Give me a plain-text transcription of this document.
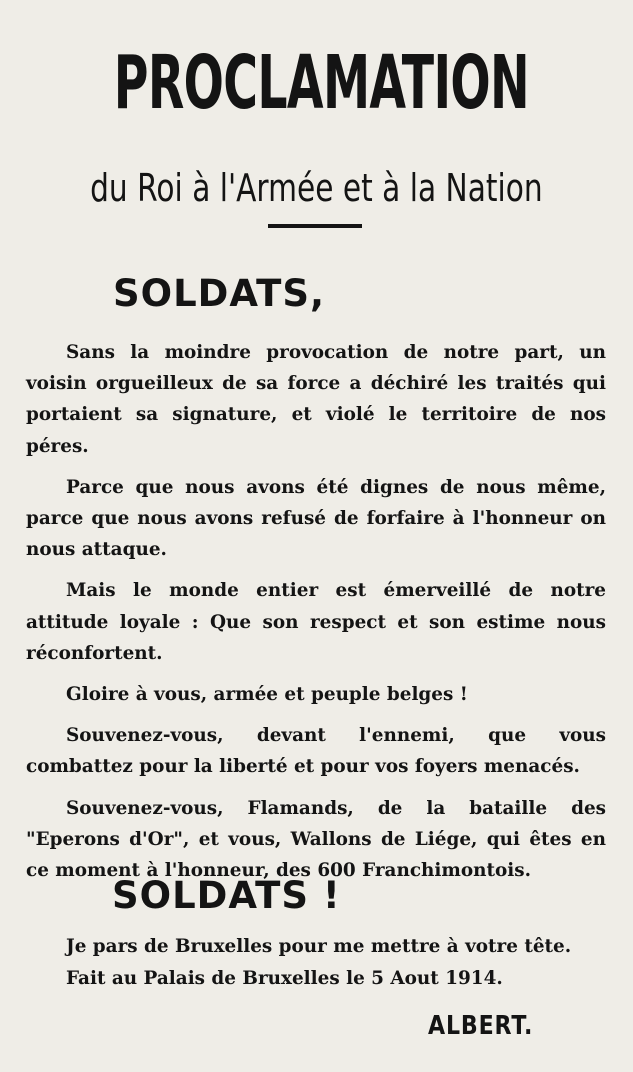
PROCLAMATION
du Roi à l'Armée et à la Nation
SOLDATS,

Sans la moindre provocation de notre part, un voisin orgueilleux de sa force a déchiré les traités qui portaient sa signature, et violé le territoire de nos péres.

Parce que nous avons été dignes de nous même, parce que nous avons refusé de forfaire à l'honneur on nous attaque.

Mais le monde entier est émerveillé de notre attitude loyale : Que son respect et son estime nous réconfortent.

Gloire à vous, armée et peuple belges !

Souvenez-vous, devant l'ennemi, que vous combattez pour la liberté et pour vos foyers menacés.

Souvenez-vous, Flamands, de la bataille des "Eperons d'Or", et vous, Wallons de Liége, qui êtes en ce moment à l'honneur, des 600 Franchimontois.

SOLDATS !
Je pars de Bruxelles pour me mettre à votre tête.
Fait au Palais de Bruxelles le 5 Aout 1914.
ALBERT.
